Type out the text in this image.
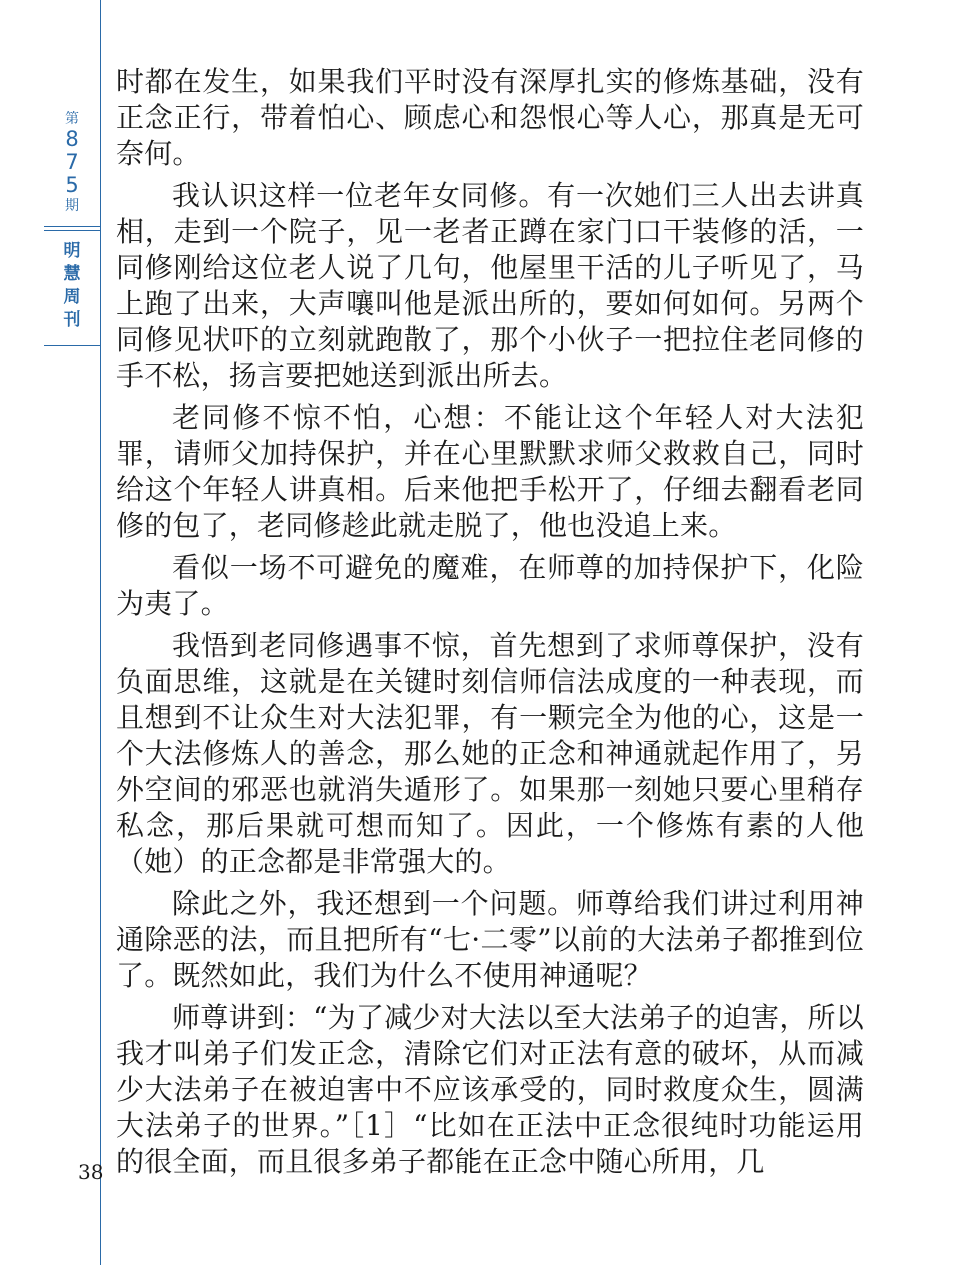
第
8
7
5
期
明
慧
周
刊
38

时都在发生，如果我们平时没有深厚扎实的修炼基础，没有正念正行，带着怕心、顾虑心和怨恨心等人心，那真是无可奈何。

我认识这样一位老年女同修。有一次她们三人出去讲真相，走到一个院子，见一老者正蹲在家门口干装修的活，一同修刚给这位老人说了几句，他屋里干活的儿子听见了，马上跑了出来，大声嚷叫他是派出所的，要如何如何。另两个同修见状吓的立刻就跑散了，那个小伙子一把拉住老同修的手不松，扬言要把她送到派出所去。

老同修不惊不怕，心想：不能让这个年轻人对大法犯罪，请师父加持保护，并在心里默默求师父救救自己，同时给这个年轻人讲真相。后来他把手松开了，仔细去翻看老同修的包了，老同修趁此就走脱了，他也没追上来。

看似一场不可避免的魔难，在师尊的加持保护下，化险为夷了。

我悟到老同修遇事不惊，首先想到了求师尊保护，没有负面思维，这就是在关键时刻信师信法成度的一种表现，而且想到不让众生对大法犯罪，有一颗完全为他的心，这是一个大法修炼人的善念，那么她的正念和神通就起作用了，另外空间的邪恶也就消失遁形了。如果那一刻她只要心里稍存私念，那后果就可想而知了。因此，一个修炼有素的人他（她）的正念都是非常强大的。

除此之外，我还想到一个问题。师尊给我们讲过利用神通除恶的法，而且把所有“七·二零”以前的大法弟子都推到位了。既然如此，我们为什么不使用神通呢？

师尊讲到：“为了减少对大法以至大法弟子的迫害，所以我才叫弟子们发正念，清除它们对正法有意的破坏，从而减少大法弟子在被迫害中不应该承受的，同时救度众生，圆满大法弟子的世界。”［1］“比如在正法中正念很纯时功能运用的很全面，而且很多弟子都能在正念中随心所用，几
